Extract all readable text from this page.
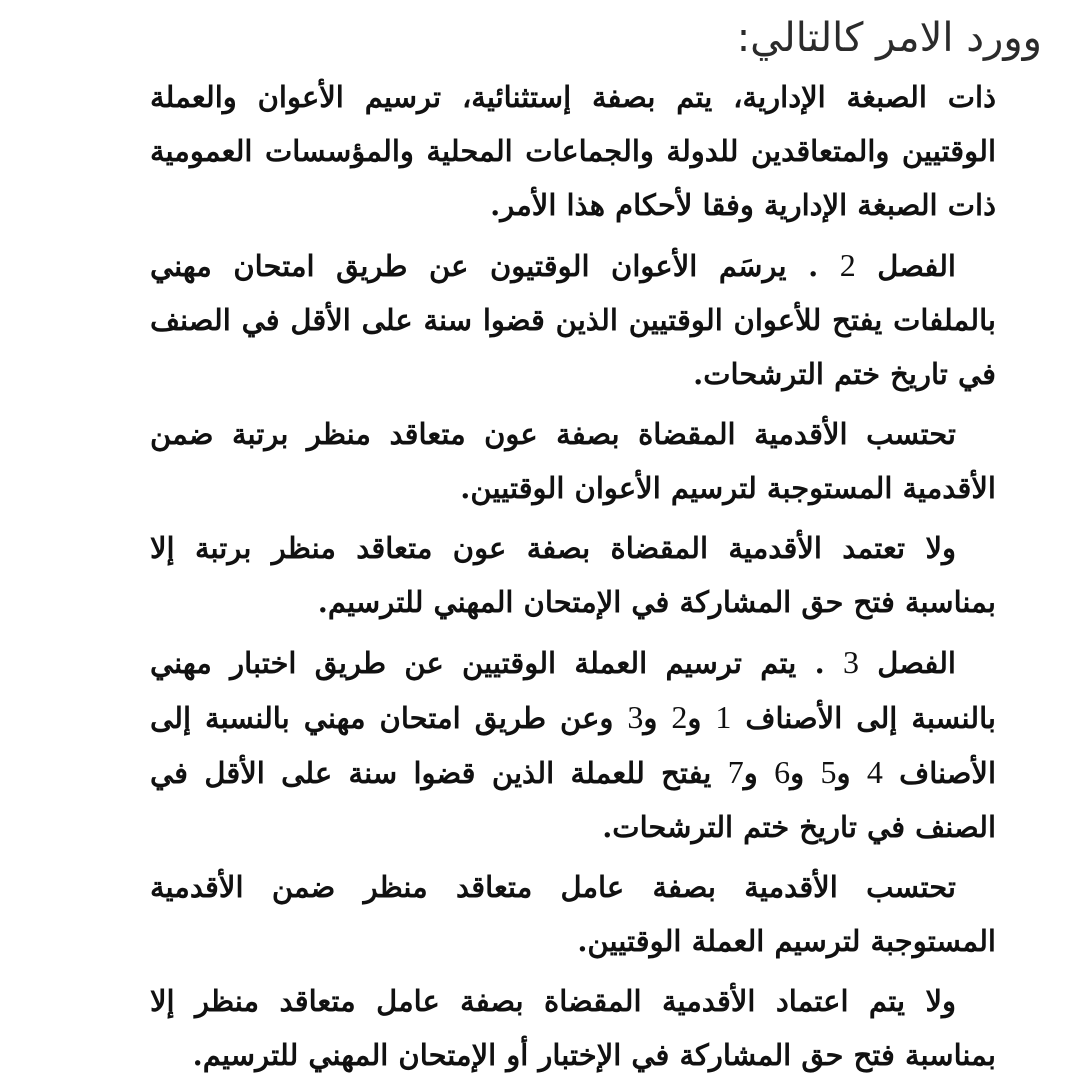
وورد الامر كالتالي:

ذات الصبغة الإدارية، يتم بصفة إستثنائية، ترسيم الأعوان والعملة الوقتيين والمتعاقدين للدولة والجماعات المحلية والمؤسسات العمومية ذات الصبغة الإدارية وفقا لأحكام هذا الأمر.

الفصل 2 . يرسَم الأعوان الوقتيون عن طريق امتحان مهني بالملفات يفتح للأعوان الوقتيين الذين قضوا سنة على الأقل في الصنف في تاريخ ختم الترشحات.

تحتسب الأقدمية المقضاة بصفة عون متعاقد منظر برتبة ضمن الأقدمية المستوجبة لترسيم الأعوان الوقتيين.

ولا تعتمد الأقدمية المقضاة بصفة عون متعاقد منظر برتبة إلا بمناسبة فتح حق المشاركة في الإمتحان المهني للترسيم.

الفصل 3 . يتم ترسيم العملة الوقتيين عن طريق اختبار مهني بالنسبة إلى الأصناف 1 و2 و3 وعن طريق امتحان مهني بالنسبة إلى الأصناف 4 و5 و6 و7 يفتح للعملة الذين قضوا سنة على الأقل في الصنف في تاريخ ختم الترشحات.

تحتسب الأقدمية بصفة عامل متعاقد منظر ضمن الأقدمية المستوجبة لترسيم العملة الوقتيين.

ولا يتم اعتماد الأقدمية المقضاة بصفة عامل متعاقد منظر إلا بمناسبة فتح حق المشاركة في الإختبار أو الإمتحان المهني للترسيم.
